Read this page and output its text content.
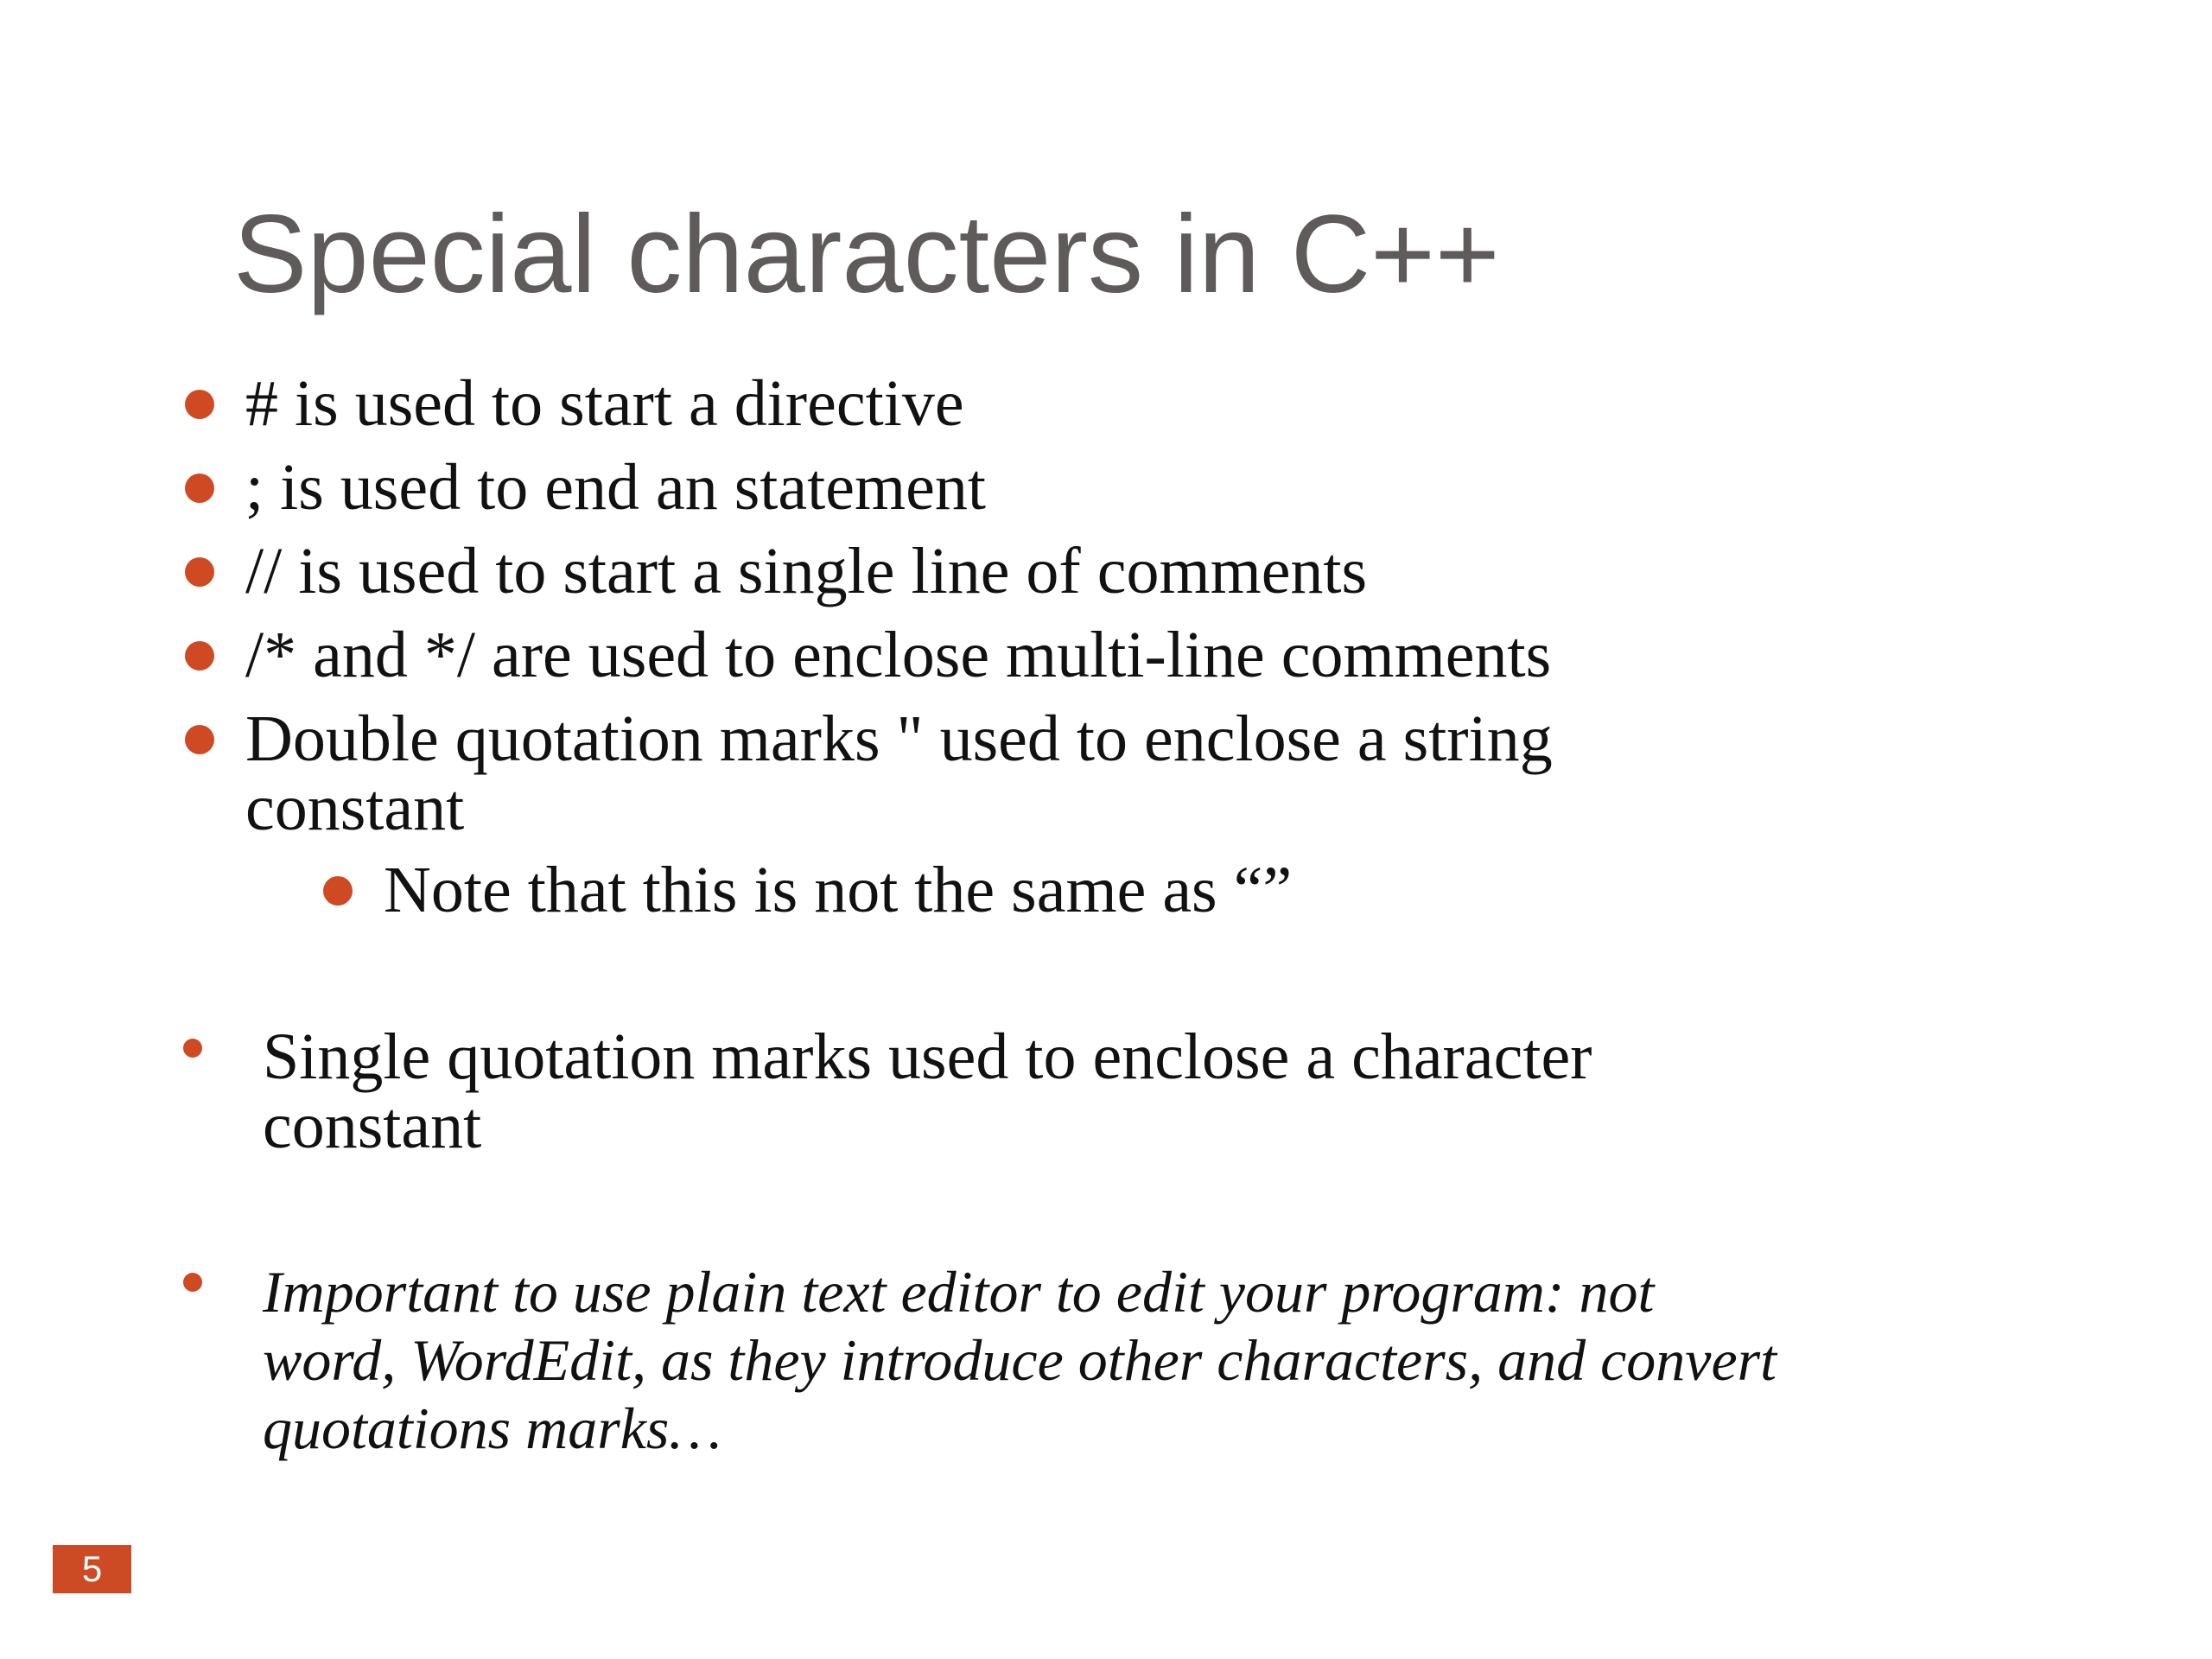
Special characters in C++
# is used to start a directive
; is used to end an statement
// is used to start a single line of comments
/* and */ are used to enclose multi-line comments
Double quotation marks " used to enclose a string
constant
Note that this is not the same as “”
Single quotation marks used to enclose a character
constant
Important to use plain text editor to edit your program: not
word, WordEdit, as they introduce other characters, and convert
quotations marks…
5
